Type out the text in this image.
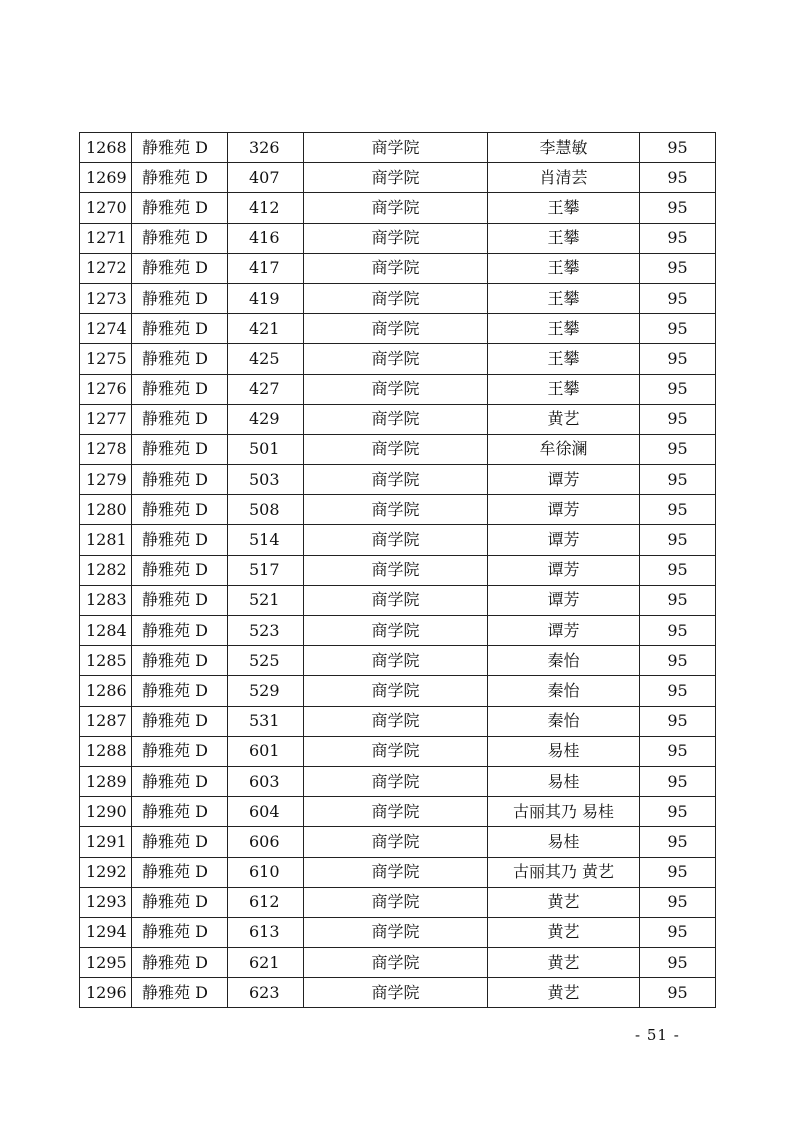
1268	静雅苑 D	326	商学院	李慧敏	95
1269	静雅苑 D	407	商学院	肖清芸	95
1270	静雅苑 D	412	商学院	王攀	95
1271	静雅苑 D	416	商学院	王攀	95
1272	静雅苑 D	417	商学院	王攀	95
1273	静雅苑 D	419	商学院	王攀	95
1274	静雅苑 D	421	商学院	王攀	95
1275	静雅苑 D	425	商学院	王攀	95
1276	静雅苑 D	427	商学院	王攀	95
1277	静雅苑 D	429	商学院	黄艺	95
1278	静雅苑 D	501	商学院	牟徐澜	95
1279	静雅苑 D	503	商学院	谭芳	95
1280	静雅苑 D	508	商学院	谭芳	95
1281	静雅苑 D	514	商学院	谭芳	95
1282	静雅苑 D	517	商学院	谭芳	95
1283	静雅苑 D	521	商学院	谭芳	95
1284	静雅苑 D	523	商学院	谭芳	95
1285	静雅苑 D	525	商学院	秦怡	95
1286	静雅苑 D	529	商学院	秦怡	95
1287	静雅苑 D	531	商学院	秦怡	95
1288	静雅苑 D	601	商学院	易桂	95
1289	静雅苑 D	603	商学院	易桂	95
1290	静雅苑 D	604	商学院	古丽其乃 易桂	95
1291	静雅苑 D	606	商学院	易桂	95
1292	静雅苑 D	610	商学院	古丽其乃 黄艺	95
1293	静雅苑 D	612	商学院	黄艺	95
1294	静雅苑 D	613	商学院	黄艺	95
1295	静雅苑 D	621	商学院	黄艺	95
1296	静雅苑 D	623	商学院	黄艺	95
- 51 -
